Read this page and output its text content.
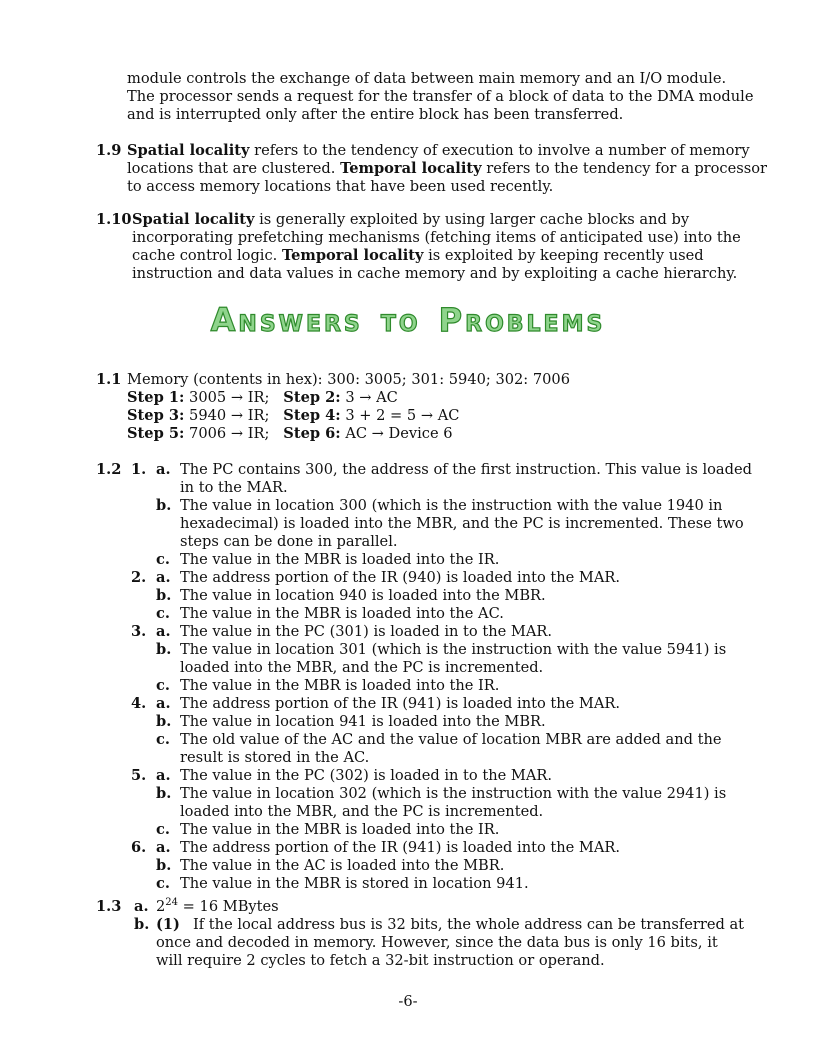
module controls the exchange of data between main memory and an I/O module.
The processor sends a request for the transfer of a block of data to the DMA module
and is interrupted only after the entire block has been transferred.
1.9 Spatial locality refers to the tendency of execution to involve a number of memory
locations that are clustered. Temporal locality refers to the tendency for a processor
to access memory locations that have been used recently.
1.10 Spatial locality is generally exploited by using larger cache blocks and by
incorporating prefetching mechanisms (fetching items of anticipated use) into the
cache control logic. Temporal locality is exploited by keeping recently used
instruction and data values in cache memory and by exploiting a cache hierarchy.
ANSWERS TO PROBLEMS
1.1 Memory (contents in hex): 300: 3005; 301: 5940; 302: 7006
Step 1: 3005 → IR; Step 2: 3 → AC
Step 3: 5940 → IR; Step 4: 3 + 2 = 5 → AC
Step 5: 7006 → IR; Step 6: AC → Device 6
1.2 1. a. The PC contains 300, the address of the first instruction. This value is loaded
in to the MAR.
b. The value in location 300 (which is the instruction with the value 1940 in
hexadecimal) is loaded into the MBR, and the PC is incremented. These two
steps can be done in parallel.
c. The value in the MBR is loaded into the IR.
2. a. The address portion of the IR (940) is loaded into the MAR.
b. The value in location 940 is loaded into the MBR.
c. The value in the MBR is loaded into the AC.
3. a. The value in the PC (301) is loaded in to the MAR.
b. The value in location 301 (which is the instruction with the value 5941) is
loaded into the MBR, and the PC is incremented.
c. The value in the MBR is loaded into the IR.
4. a. The address portion of the IR (941) is loaded into the MAR.
b. The value in location 941 is loaded into the MBR.
c. The old value of the AC and the value of location MBR are added and the
result is stored in the AC.
5. a. The value in the PC (302) is loaded in to the MAR.
b. The value in location 302 (which is the instruction with the value 2941) is
loaded into the MBR, and the PC is incremented.
c. The value in the MBR is loaded into the IR.
6. a. The address portion of the IR (941) is loaded into the MAR.
b. The value in the AC is loaded into the MBR.
c. The value in the MBR is stored in location 941.
1.3 a. $2^{24} = 16$ MBytes
b. (1) If the local address bus is 32 bits, the whole address can be transferred at
once and decoded in memory. However, since the data bus is only 16 bits, it
will require 2 cycles to fetch a 32-bit instruction or operand.
-6-
